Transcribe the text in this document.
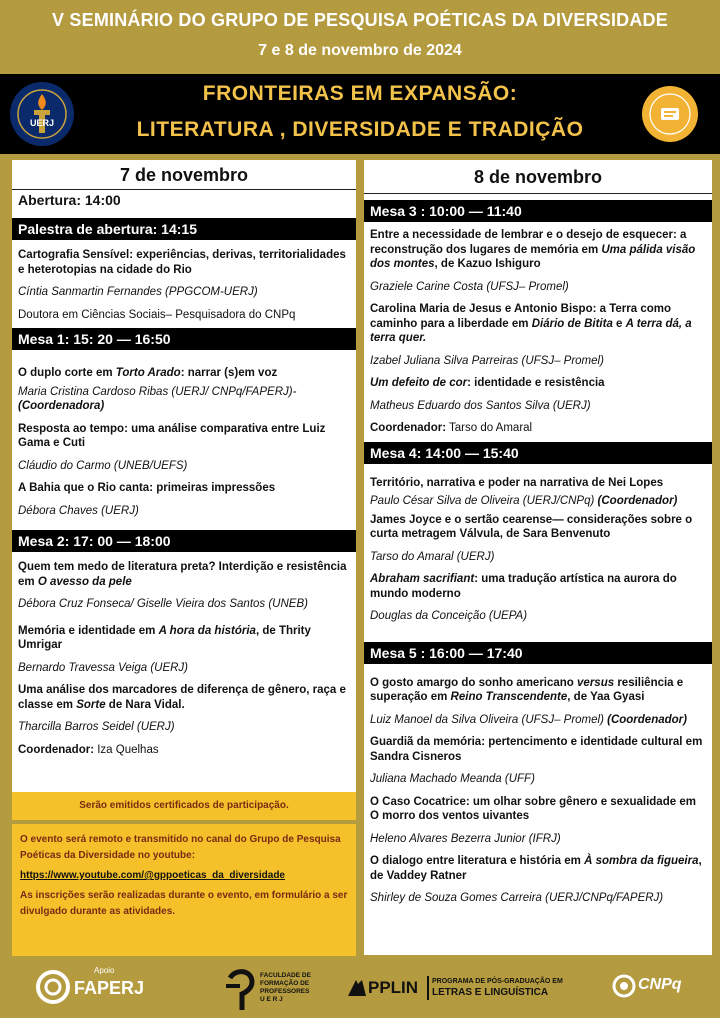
V SEMINÁRIO DO GRUPO DE PESQUISA POÉTICAS DA DIVERSIDADE
7 e 8 de novembro de 2024
UERJ
FRONTEIRAS EM EXPANSÃO:
LITERATURA , DIVERSIDADE E TRADIÇÃO
7 de novembro
Abertura: 14:00
Palestra de abertura: 14:15
Cartografia Sensível: experiências, derivas, territorialidades e heterotopias na cidade do Rio
Cíntia Sanmartin Fernandes (PPGCOM-UERJ)
Doutora em Ciências Sociais– Pesquisadora do CNPq
Mesa 1: 15: 20 — 16:50
O duplo corte em Torto Arado: narrar (s)em voz
Maria Cristina Cardoso Ribas (UERJ/ CNPq/FAPERJ)-
(Coordenadora)
Resposta ao tempo: uma análise comparativa entre Luiz Gama e Cuti
Cláudio do Carmo (UNEB/UEFS)
A Bahia que o Rio canta: primeiras impressões
Débora Chaves (UERJ)
Mesa 2: 17: 00 — 18:00
Quem tem medo de literatura preta? Interdição e resistência em O avesso da pele
Débora Cruz Fonseca/ Giselle Vieira dos Santos (UNEB)
Memória e identidade em A hora da história, de Thrity Umrigar
Bernardo Travessa Veiga (UERJ)
Uma análise dos marcadores de diferença de gênero, raça e classe em Sorte de Nara Vidal.
Tharcilla Barros Seidel (UERJ)
Coordenador: Iza Quelhas
Serão emitidos certificados de participação.

O evento será remoto e transmitido no canal do Grupo de Pesquisa Poéticas da Diversidade no youtube:

https://www.youtube.com/@gppoeticas_da_diversidade

As inscrições serão realizadas durante o evento, em formulário a ser divulgado durante as atividades.

8 de novembro
Mesa 3 : 10:00 — 11:40
Entre a necessidade de lembrar e o desejo de esquecer: a reconstrução dos lugares de memória em Uma pálida visão dos montes, de Kazuo Ishiguro
Graziele Carine Costa (UFSJ– Promel)
Carolina Maria de Jesus e Antonio Bispo: a Terra como caminho para a liberdade em Diário de Bitita e A terra dá, a terra quer.
Izabel Juliana Silva Parreiras (UFSJ– Promel)
Um defeito de cor: identidade e resistência
Matheus Eduardo dos Santos Silva (UERJ)
Coordenador: Tarso do Amaral
Mesa 4: 14:00 — 15:40
Território, narrativa e poder na narrativa de Nei Lopes
Paulo César Silva de Oliveira (UERJ/CNPq) (Coordenador)
James Joyce e o sertão cearense— considerações sobre o curta metragem Válvula, de Sara Benvenuto
Tarso do Amaral (UERJ)
Abraham sacrifiant: uma tradução artística na aurora do mundo moderno
Douglas da Conceição (UEPA)
Mesa 5 : 16:00 — 17:40
O gosto amargo do sonho americano versus resiliência e superação em Reino Transcendente, de Yaa Gyasi
Luiz Manoel da Silva Oliveira (UFSJ– Promel) (Coordenador)
Guardiã da memória: pertencimento e identidade cultural em Sandra Cisneros
Juliana Machado Meanda (UFF)
O Caso Cocatrice: um olhar sobre gênero e sexualidade em O morro dos ventos uivantes
Heleno Alvares Bezerra Junior (IFRJ)
O dialogo entre literatura e história em À sombra da figueira, de Vaddey Ratner
Shirley de Souza Gomes Carreira (UERJ/CNPq/FAPERJ)
Apoio
FAPERJ
FACULDADE DE
FORMAÇÃO DE
PROFESSORES
U E R J
PPLIN PROGRAMA DE PÓS-GRADUAÇÃO EM
LETRAS E LINGUÍSTICA	CNPq
